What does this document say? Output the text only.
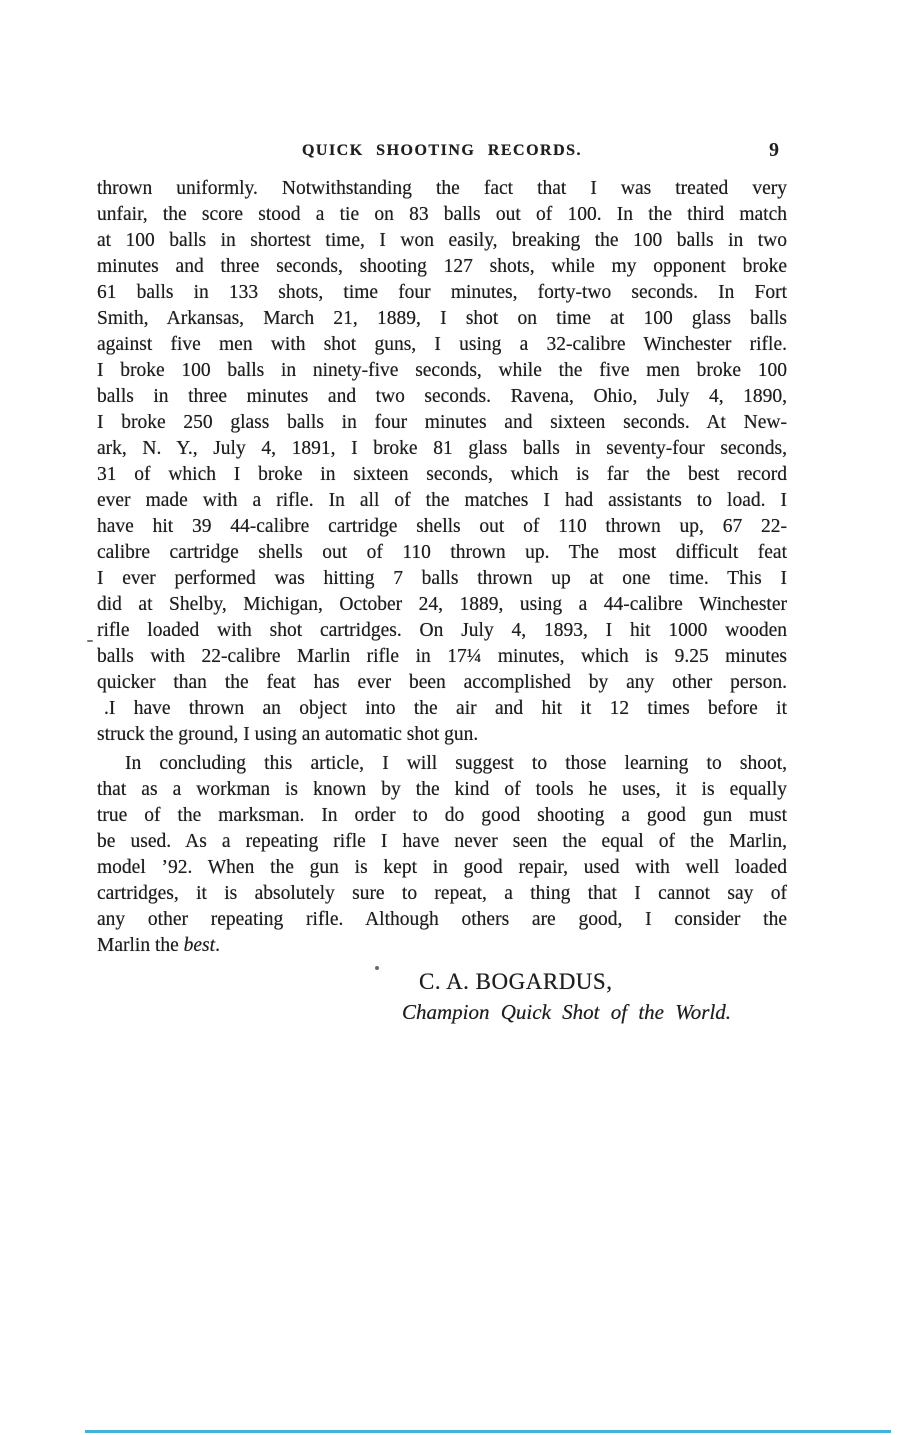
QUICK SHOOTING RECORDS.	9
thrown uniformly. Notwithstanding the fact that I was treated very
unfair, the score stood a tie on 83 balls out of 100. In the third match
at 100 balls in shortest time, I won easily, breaking the 100 balls in two
minutes and three seconds, shooting 127 shots, while my opponent broke
61 balls in 133 shots, time four minutes, forty-two seconds. In Fort
Smith, Arkansas, March 21, 1889, I shot on time at 100 glass balls
against five men with shot guns, I using a 32-calibre Winchester rifle.
I broke 100 balls in ninety-five seconds, while the five men broke 100
balls in three minutes and two seconds. Ravena, Ohio, July 4, 1890,
I broke 250 glass balls in four minutes and sixteen seconds. At New-
ark, N. Y., July 4, 1891, I broke 81 glass balls in seventy-four seconds,
31 of which I broke in sixteen seconds, which is far the best record
ever made with a rifle. In all of the matches I had assistants to load. I
have hit 39 44-calibre cartridge shells out of 110 thrown up, 67 22-
calibre cartridge shells out of 110 thrown up. The most difficult feat
I ever performed was hitting 7 balls thrown up at one time. This I
did at Shelby, Michigan, October 24, 1889, using a 44-calibre Winchester
rifle loaded with shot cartridges. On July 4, 1893, I hit 1000 wooden
balls with 22-calibre Marlin rifle in 17¼ minutes, which is 9.25 minutes
quicker than the feat has ever been accomplished by any other person.
.I have thrown an object into the air and hit it 12 times before it
struck the ground, I using an automatic shot gun.
In concluding this article, I will suggest to those learning to shoot,
that as a workman is known by the kind of tools he uses, it is equally
true of the marksman. In order to do good shooting a good gun must
be used. As a repeating rifle I have never seen the equal of the Marlin,
model ’92. When the gun is kept in good repair, used with well loaded
cartridges, it is absolutely sure to repeat, a thing that I cannot say of
any other repeating rifle. Although others are good, I consider the
Marlin the best.
C. A. BOGARDUS,
Champion Quick Shot of the World.
